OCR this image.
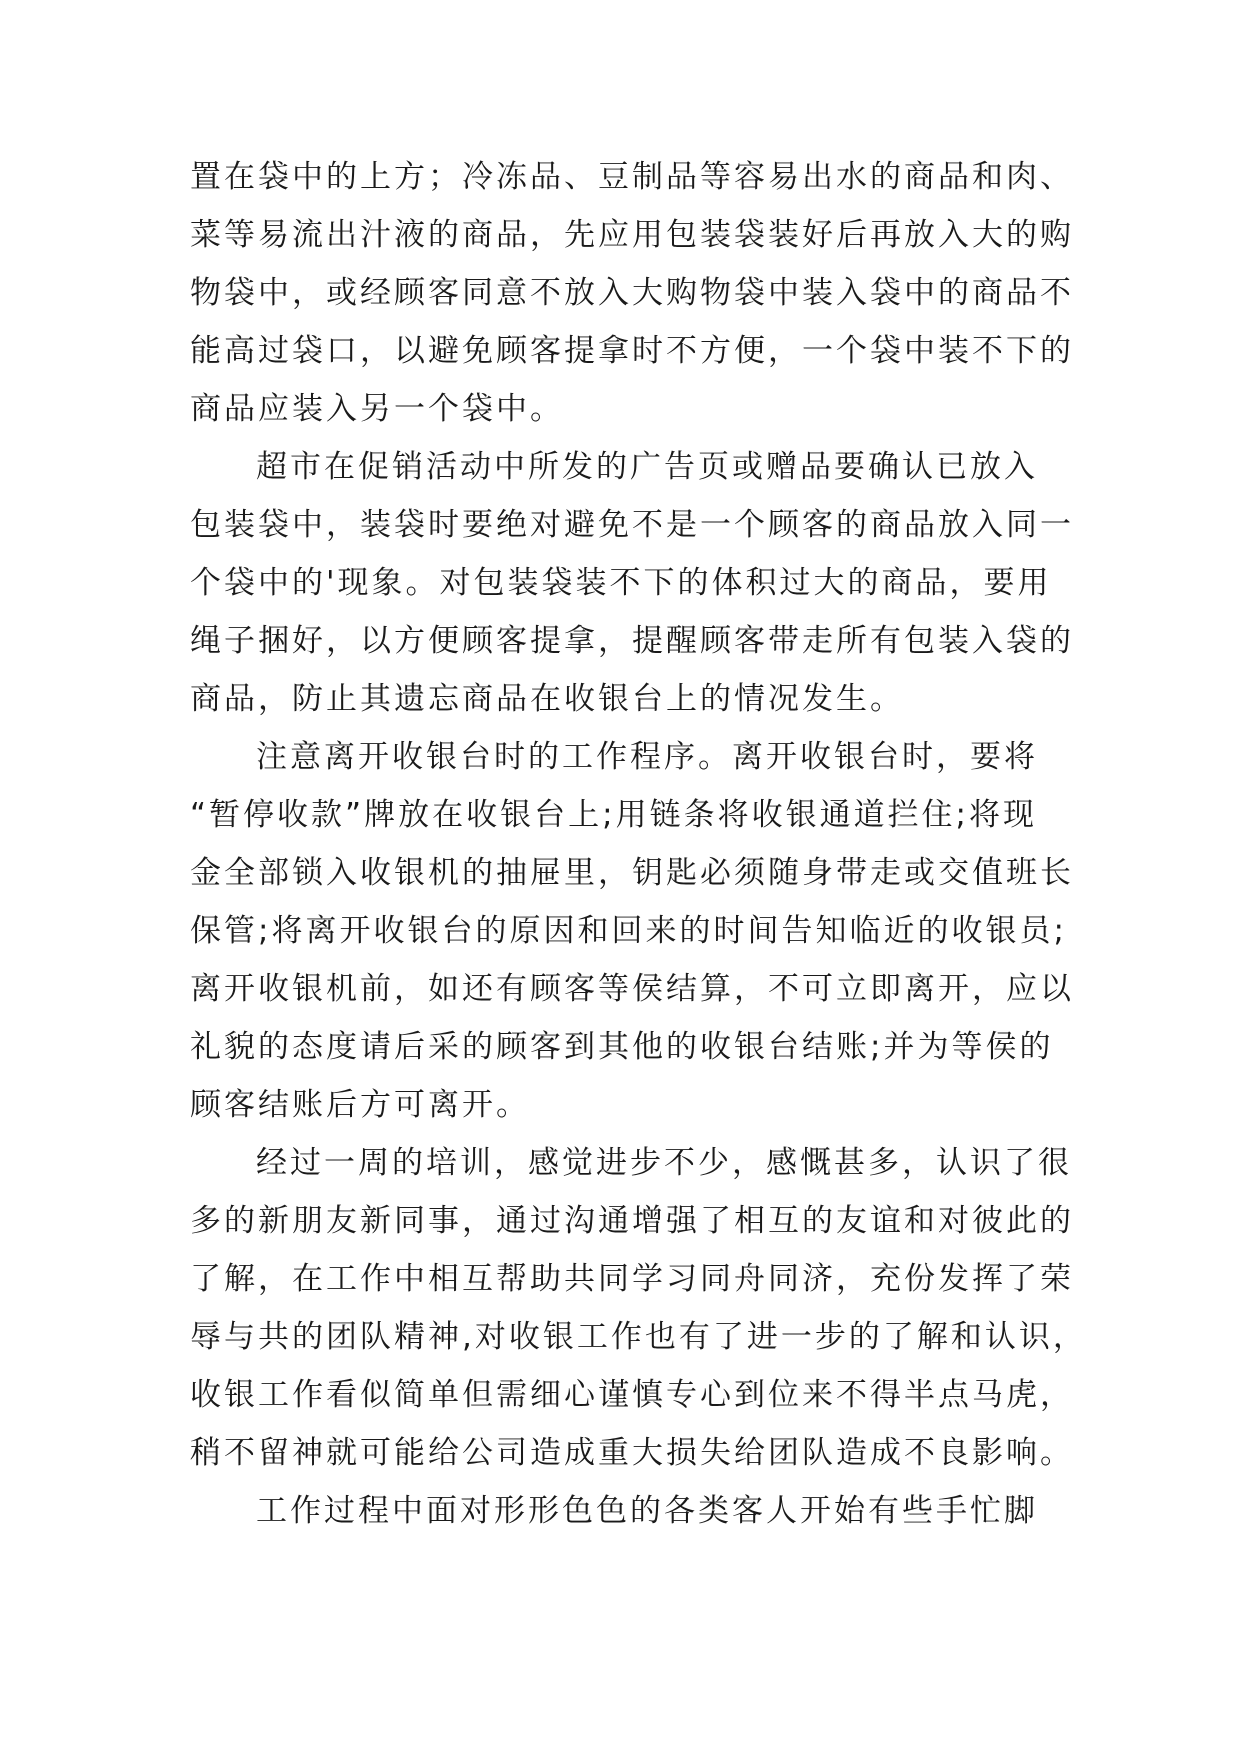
置在袋中的上方；冷冻品、豆制品等容易出水的商品和肉、
菜等易流出汁液的商品，先应用包装袋装好后再放入大的购
物袋中，或经顾客同意不放入大购物袋中装入袋中的商品不
能高过袋口，以避免顾客提拿时不方便，一个袋中装不下的
商品应装入另一个袋中。
超市在促销活动中所发的广告页或赠品要确认已放入
包装袋中，装袋时要绝对避免不是一个顾客的商品放入同一
个袋中的'现象。对包装袋装不下的体积过大的商品，要用
绳子捆好，以方便顾客提拿，提醒顾客带走所有包装入袋的
商品，防止其遗忘商品在收银台上的情况发生。
注意离开收银台时的工作程序。离开收银台时，要将
“暂停收款”牌放在收银台上;用链条将收银通道拦住;将现
金全部锁入收银机的抽屉里，钥匙必须随身带走或交值班长
保管;将离开收银台的原因和回来的时间告知临近的收银员;
离开收银机前，如还有顾客等侯结算，不可立即离开，应以
礼貌的态度请后采的顾客到其他的收银台结账;并为等侯的
顾客结账后方可离开。
经过一周的培训，感觉进步不少，感慨甚多，认识了很
多的新朋友新同事，通过沟通增强了相互的友谊和对彼此的
了解，在工作中相互帮助共同学习同舟同济，充份发挥了荣
辱与共的团队精神,对收银工作也有了进一步的了解和认识，
收银工作看似简单但需细心谨慎专心到位来不得半点马虎，
稍不留神就可能给公司造成重大损失给团队造成不良影响。
工作过程中面对形形色色的各类客人开始有些手忙脚
